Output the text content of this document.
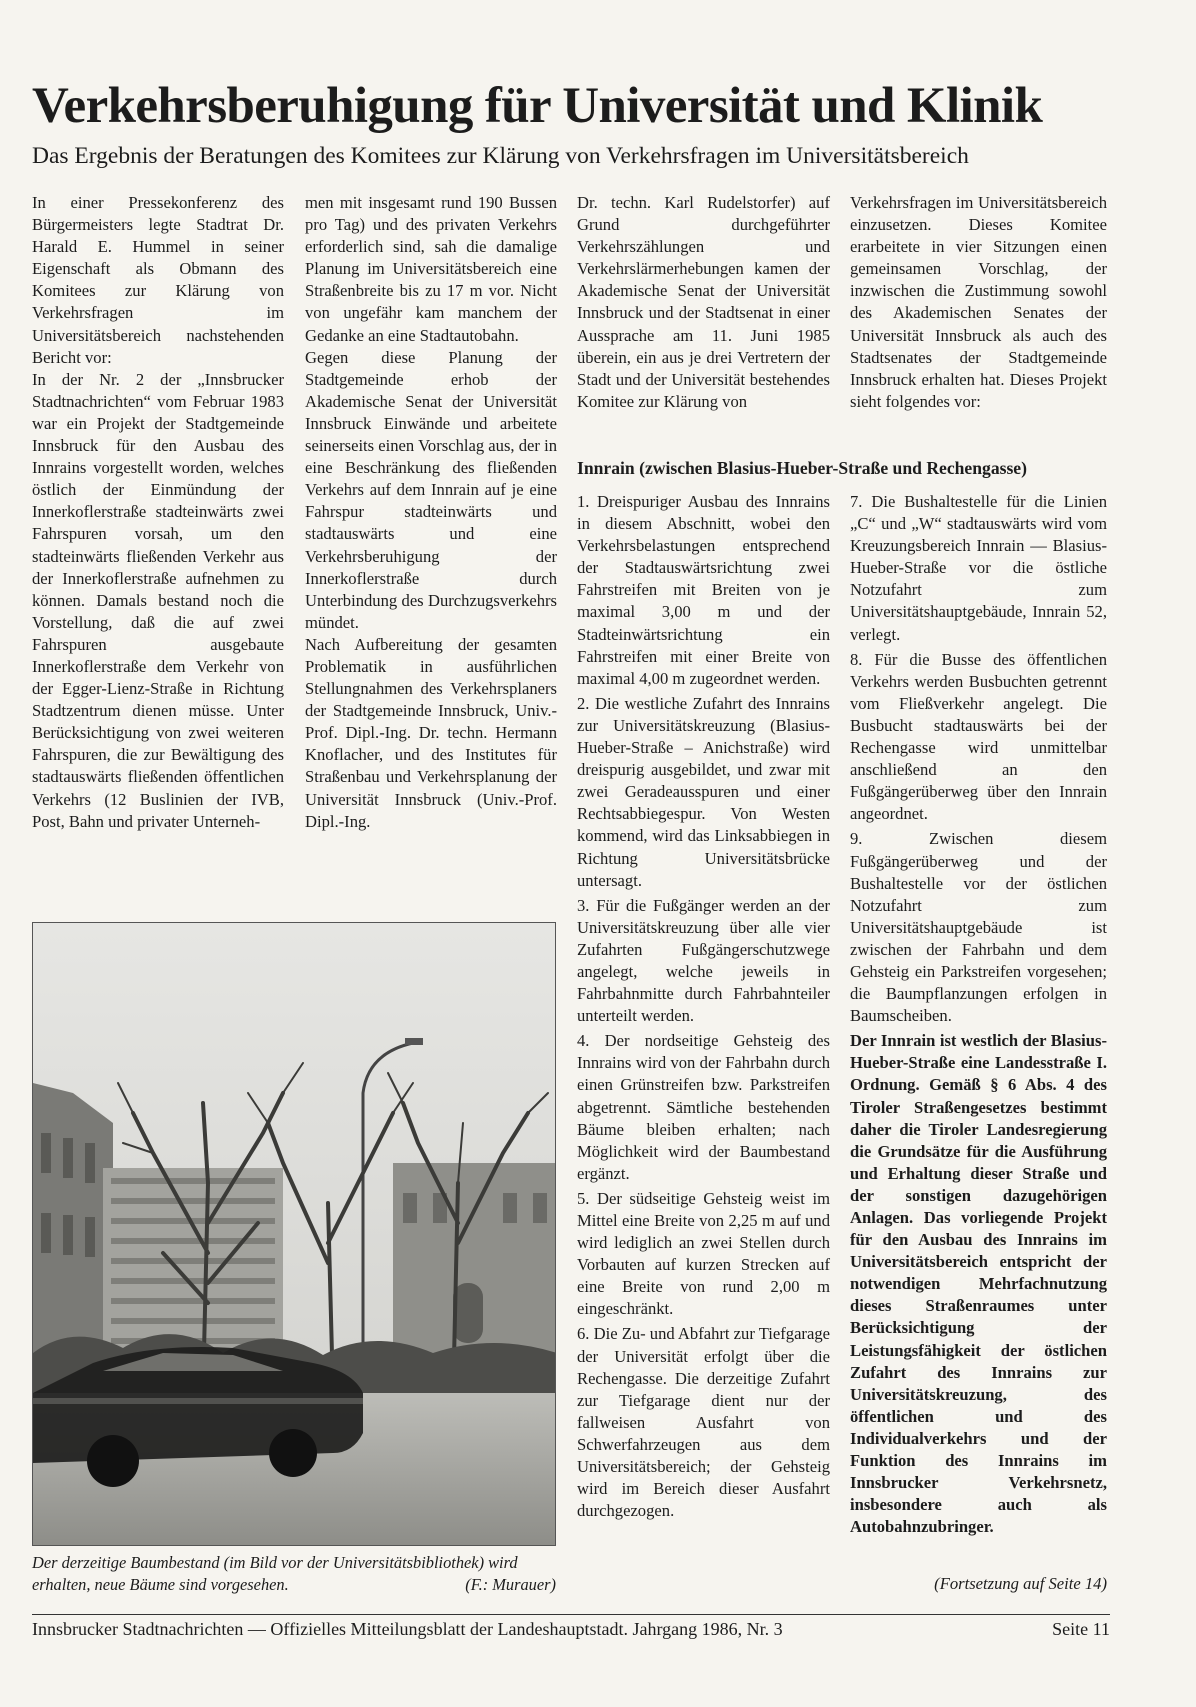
Verkehrsberuhigung für Universität und Klinik
Das Ergebnis der Beratungen des Komitees zur Klärung von Verkehrsfragen im Universitätsbereich

In einer Pressekonferenz des Bürgermeisters legte Stadtrat Dr. Harald E. Hummel in seiner Eigenschaft als Obmann des Komitees zur Klärung von Verkehrsfragen im Universitätsbereich nachstehenden Bericht vor:

In der Nr. 2 der „Innsbrucker Stadtnachrichten“ vom Februar 1983 war ein Projekt der Stadtgemeinde Innsbruck für den Ausbau des Innrains vorgestellt worden, welches östlich der Einmündung der Innerkoflerstraße stadteinwärts zwei Fahrspuren vorsah, um den stadteinwärts fließenden Verkehr aus der Innerkoflerstraße aufnehmen zu können. Damals bestand noch die Vorstellung, daß die auf zwei Fahrspuren ausgebaute Innerkoflerstraße dem Verkehr von der Egger-Lienz-Straße in Richtung Stadtzentrum dienen müsse. Unter Berücksichtigung von zwei weiteren Fahrspuren, die zur Bewältigung des stadtauswärts fließenden öffentlichen Verkehrs (12 Buslinien der IVB, Post, Bahn und privater Unterneh-

men mit insgesamt rund 190 Bussen pro Tag) und des privaten Verkehrs erforderlich sind, sah die damalige Planung im Universitätsbereich eine Straßenbreite bis zu 17 m vor. Nicht von ungefähr kam manchem der Gedanke an eine Stadtautobahn.

Gegen diese Planung der Stadtgemeinde erhob der Akademische Senat der Universität Innsbruck Einwände und arbeitete seinerseits einen Vorschlag aus, der in eine Beschränkung des fließenden Verkehrs auf dem Innrain auf je eine Fahrspur stadteinwärts und stadtauswärts und eine Verkehrsberuhigung der Innerkoflerstraße durch Unterbindung des Durchzugsverkehrs mündet.

Nach Aufbereitung der gesamten Problematik in ausführlichen Stellungnahmen des Verkehrsplaners der Stadtgemeinde Innsbruck, Univ.-Prof. Dipl.-Ing. Dr. techn. Hermann Knoflacher, und des Institutes für Straßenbau und Verkehrsplanung der Universität Innsbruck (Univ.-Prof. Dipl.-Ing.

Dr. techn. Karl Rudelstorfer) auf Grund durchgeführter Verkehrszählungen und Verkehrslärmerhebungen kamen der Akademische Senat der Universität Innsbruck und der Stadtsenat in einer Aussprache am 11. Juni 1985 überein, ein aus je drei Vertretern der Stadt und der Universität bestehendes Komitee zur Klärung von

Verkehrsfragen im Universitätsbereich einzusetzen. Dieses Komitee erarbeitete in vier Sitzungen einen gemeinsamen Vorschlag, der inzwischen die Zustimmung sowohl des Akademischen Senates der Universität Innsbruck als auch des Stadtsenates der Stadtgemeinde Innsbruck erhalten hat. Dieses Projekt sieht folgendes vor:

Innrain (zwischen Blasius-Hueber-Straße und Rechengasse)

1. Dreispuriger Ausbau des Innrains in diesem Abschnitt, wobei den Verkehrsbelastungen entsprechend der Stadtauswärtsrichtung zwei Fahrstreifen mit Breiten von je maximal 3,00 m und der Stadteinwärtsrichtung ein Fahrstreifen mit einer Breite von maximal 4,00 m zugeordnet werden.

2. Die westliche Zufahrt des Innrains zur Universitätskreuzung (Blasius-Hueber-Straße – Anichstraße) wird dreispurig ausgebildet, und zwar mit zwei Geradeausspuren und einer Rechtsabbiegespur. Von Westen kommend, wird das Linksabbiegen in Richtung Universitätsbrücke untersagt.

3. Für die Fußgänger werden an der Universitätskreuzung über alle vier Zufahrten Fußgängerschutzwege angelegt, welche jeweils in Fahrbahnmitte durch Fahrbahnteiler unterteilt werden.

4. Der nordseitige Gehsteig des Innrains wird von der Fahrbahn durch einen Grünstreifen bzw. Parkstreifen abgetrennt. Sämtliche bestehenden Bäume bleiben erhalten; nach Möglichkeit wird der Baumbestand ergänzt.

5. Der südseitige Gehsteig weist im Mittel eine Breite von 2,25 m auf und wird lediglich an zwei Stellen durch Vorbauten auf kurzen Strecken auf eine Breite von rund 2,00 m eingeschränkt.

6. Die Zu- und Abfahrt zur Tiefgarage der Universität erfolgt über die Rechengasse. Die derzeitige Zufahrt zur Tiefgarage dient nur der fallweisen Ausfahrt von Schwerfahrzeugen aus dem Universitätsbereich; der Gehsteig wird im Bereich dieser Ausfahrt durchgezogen.

7. Die Bushaltestelle für die Linien „C“ und „W“ stadtauswärts wird vom Kreuzungsbereich Innrain — Blasius-Hueber-Straße vor die östliche Notzufahrt zum Universitätshauptgebäude, Innrain 52, verlegt.

8. Für die Busse des öffentlichen Verkehrs werden Busbuchten getrennt vom Fließverkehr angelegt. Die Busbucht stadtauswärts bei der Rechengasse wird unmittelbar anschließend an den Fußgängerüberweg über den Innrain angeordnet.

9. Zwischen diesem Fußgängerüberweg und der Bushaltestelle vor der östlichen Notzufahrt zum Universitätshauptgebäude ist zwischen der Fahrbahn und dem Gehsteig ein Parkstreifen vorgesehen; die Baumpflanzungen erfolgen in Baumscheiben.

Der Innrain ist westlich der Blasius-Hueber-Straße eine Landesstraße I. Ordnung. Gemäß § 6 Abs. 4 des Tiroler Straßengesetzes bestimmt daher die Tiroler Landesregierung die Grundsätze für die Ausführung und Erhaltung dieser Straße und der sonstigen dazugehörigen Anlagen. Das vorliegende Projekt für den Ausbau des Innrains im Universitätsbereich entspricht der notwendigen Mehrfachnutzung dieses Straßenraumes unter Berücksichtigung der Leistungsfähigkeit der östlichen Zufahrt des Innrains zur Universitätskreuzung, des öffentlichen und des Individualverkehrs und der Funktion des Innrains im Innsbrucker Verkehrsnetz, insbesondere auch als Autobahnzubringer.

(Fortsetzung auf Seite 14)
Der derzeitige Baumbestand (im Bild vor der Universitätsbibliothek) wird erhalten, neue Bäume sind vorgesehen.	(F.: Murauer)
Innsbrucker Stadtnachrichten — Offizielles Mitteilungsblatt der Landeshauptstadt. Jahrgang 1986, Nr. 3	Seite 11
